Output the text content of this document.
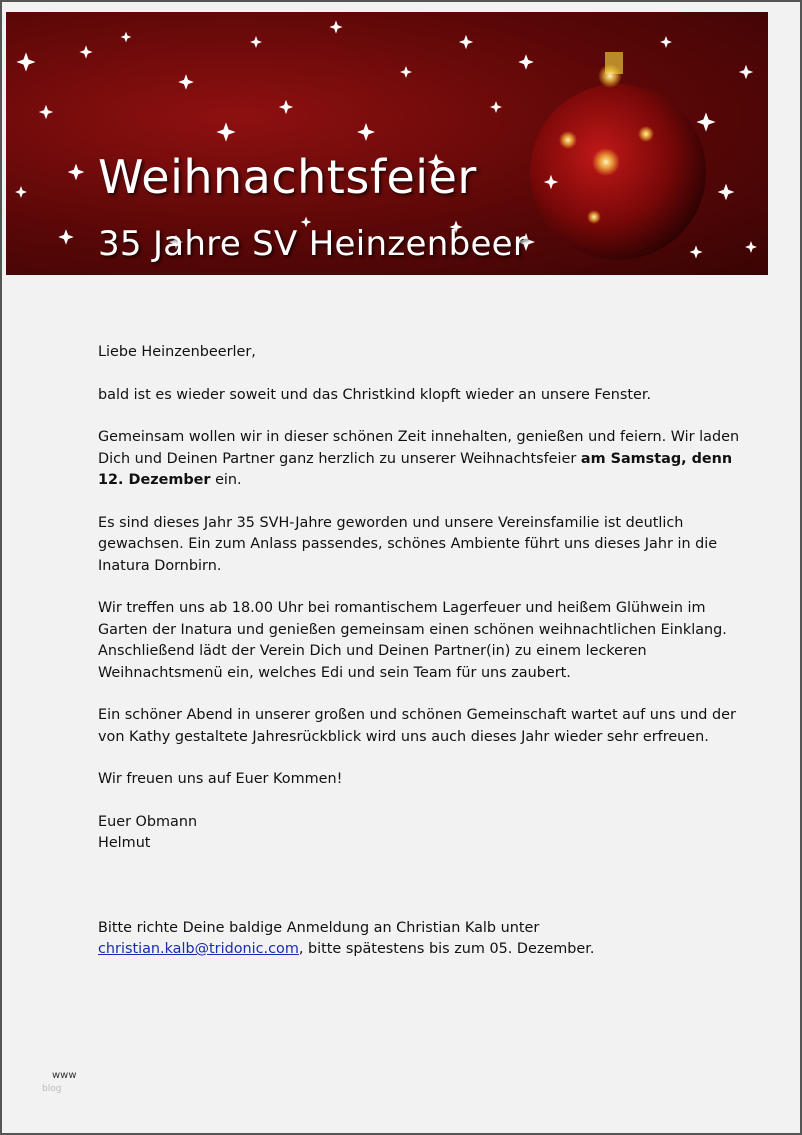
Weihnachtsfeier
35 Jahre SV Heinzenbeer

Liebe Heinzenbeerler,

bald ist es wieder soweit und das Christkind klopft wieder an unsere Fenster.

Gemeinsam wollen wir in dieser schönen Zeit innehalten, genießen und feiern. Wir laden Dich und Deinen Partner ganz herzlich zu unserer Weihnachtsfeier am Samstag, denn 12. Dezember ein.

Es sind dieses Jahr 35 SVH-Jahre geworden und unsere Vereinsfamilie ist deutlich gewachsen. Ein zum Anlass passendes, schönes Ambiente führt uns dieses Jahr in die Inatura Dornbirn.

Wir treffen uns ab 18.00 Uhr bei romantischem Lagerfeuer und heißem Glühwein im Garten der Inatura und genießen gemeinsam einen schönen weihnachtlichen Einklang. Anschließend lädt der Verein Dich und Deinen Partner(in) zu einem leckeren Weihnachtsmenü ein, welches Edi und sein Team für uns zaubert.

Ein schöner Abend in unserer großen und schönen Gemeinschaft wartet auf uns und der von Kathy gestaltete Jahresrückblick wird uns auch dieses Jahr wieder sehr erfreuen.

Wir freuen uns auf Euer Kommen!

Euer Obmann

Helmut

Bitte richte Deine baldige Anmeldung an Christian Kalb unter
christian.kalb@tridonic.com, bitte spätestens bis zum 05. Dezember.

www
blog
